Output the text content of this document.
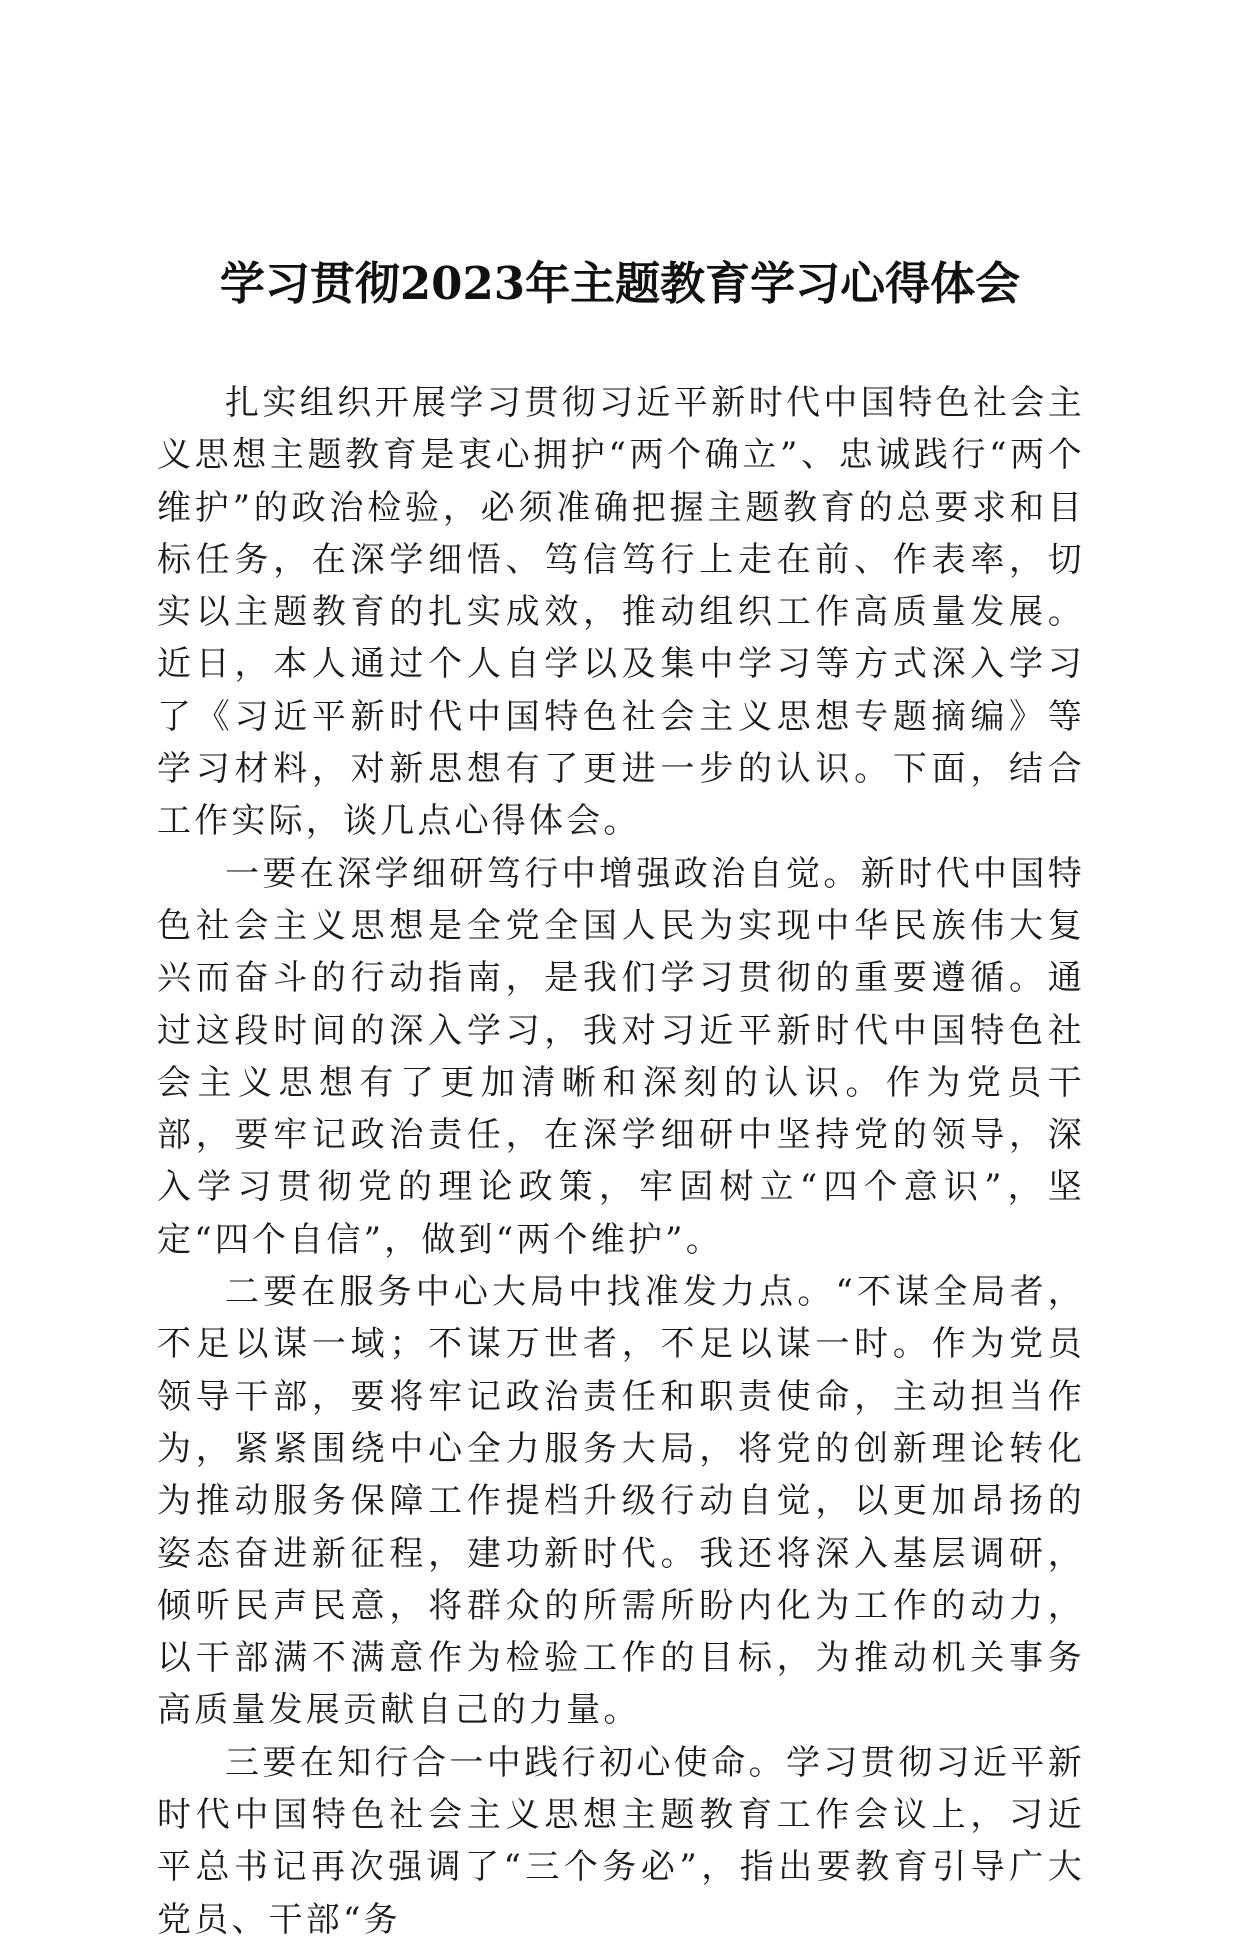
学习贯彻2023年主题教育学习心得体会

扎实组织开展学习贯彻习近平新时代中国特色社会主义思想主题教育是衷心拥护“两个确立”、忠诚践行“两个维护”的政治检验，必须准确把握主题教育的总要求和目标任务，在深学细悟、笃信笃行上走在前、作表率，切实以主题教育的扎实成效，推动组织工作高质量发展。近日，本人通过个人自学以及集中学习等方式深入学习了《习近平新时代中国特色社会主义思想专题摘编》等学习材料，对新思想有了更进一步的认识。下面，结合工作实际，谈几点心得体会。

一要在深学细研笃行中增强政治自觉。新时代中国特色社会主义思想是全党全国人民为实现中华民族伟大复兴而奋斗的行动指南，是我们学习贯彻的重要遵循。通过这段时间的深入学习，我对习近平新时代中国特色社会主义思想有了更加清晰和深刻的认识。作为党员干部，要牢记政治责任，在深学细研中坚持党的领导，深入学习贯彻党的理论政策，牢固树立“四个意识”，坚定“四个自信”，做到“两个维护”。

二要在服务中心大局中找准发力点。“不谋全局者，不足以谋一域；不谋万世者，不足以谋一时。作为党员领导干部，要将牢记政治责任和职责使命，主动担当作为，紧紧围绕中心全力服务大局，将党的创新理论转化为推动服务保障工作提档升级行动自觉，以更加昂扬的姿态奋进新征程，建功新时代。我还将深入基层调研，倾听民声民意，将群众的所需所盼内化为工作的动力，以干部满不满意作为检验工作的目标，为推动机关事务高质量发展贡献自己的力量。

三要在知行合一中践行初心使命。学习贯彻习近平新时代中国特色社会主义思想主题教育工作会议上，习近平总书记再次强调了“三个务必”，指出要教育引导广大党员、干部“务
